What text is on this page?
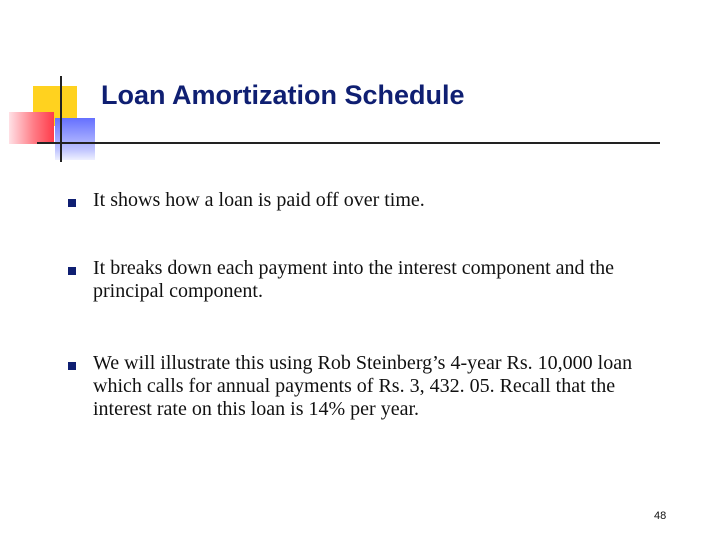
Loan Amortization Schedule
It shows how a loan is paid off over time.
It breaks down each payment into the interest component and the principal component.
We will illustrate this using Rob Steinberg’s 4-year Rs. 10,000 loan which calls for annual payments of Rs. 3, 432. 05. Recall that the interest rate on this loan is 14% per year.
48
